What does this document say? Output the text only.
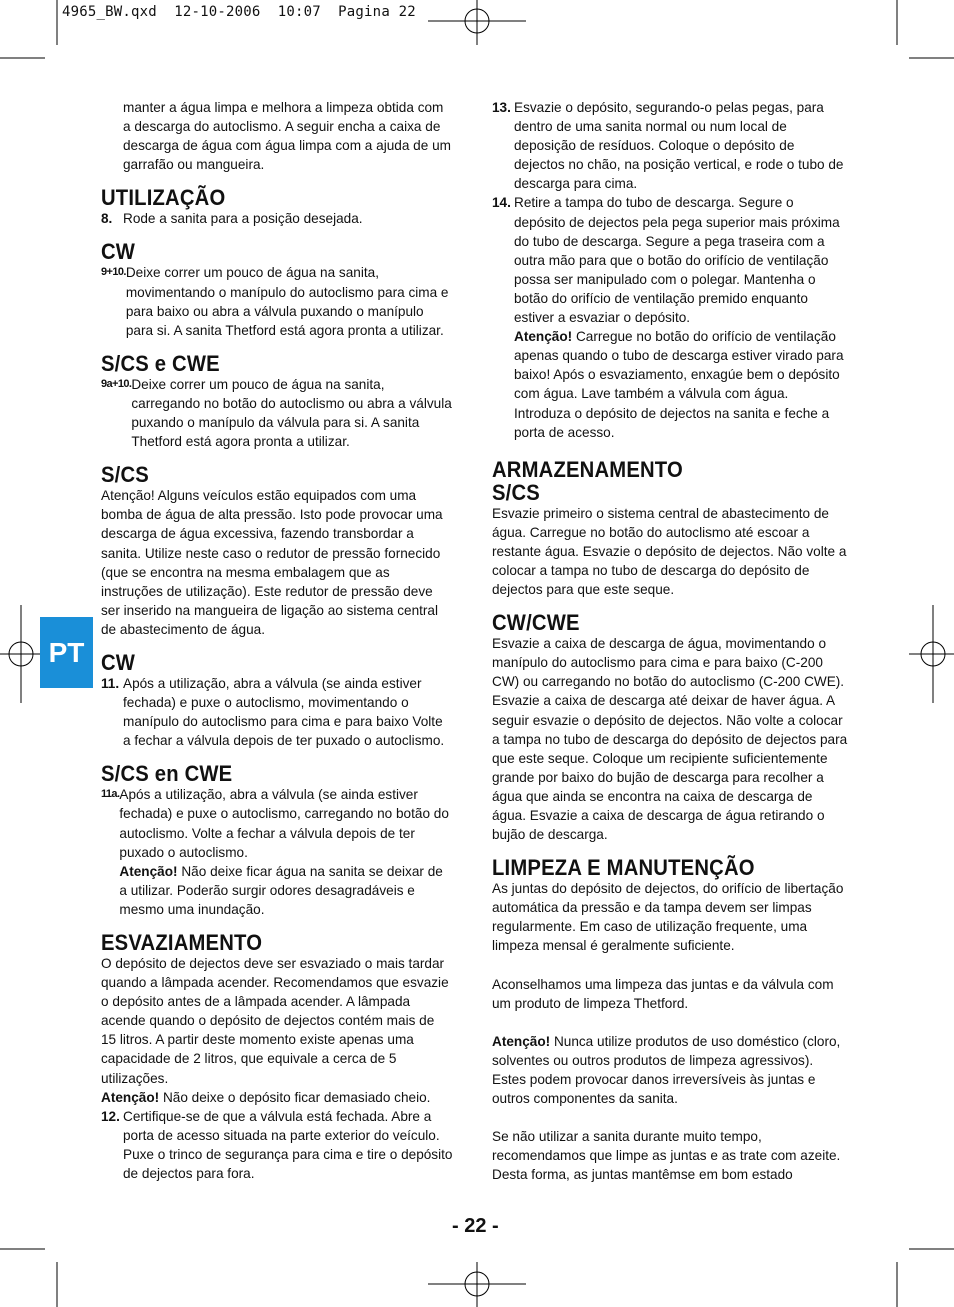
4965_BW.qxd 12-10-2006 10:07 Pagina 22
PT

manter a água limpa e melhora a limpeza obtida com a descarga do autoclismo. A seguir encha a caixa de descarga de água com água limpa com a ajuda de um garrafão ou mangueira.

UTILIZAÇÃO
8. Rode a sanita para a posição desejada.
CW
9+10. Deixe correr um pouco de água na sanita, movimentando o manípulo do autoclismo para cima e para baixo ou abra a válvula puxando o manípulo para si. A sanita Thetford está agora pronta a utilizar.
S/CS e CWE
9a+10. Deixe correr um pouco de água na sanita, carregando no botão do autoclismo ou abra a válvula puxando o manípulo da válvula para si. A sanita Thetford está agora pronta a utilizar.
S/CS

Atenção! Alguns veículos estão equipados com uma bomba de água de alta pressão. Isto pode provocar uma descarga de água excessiva, fazendo transbordar a sanita. Utilize neste caso o redutor de pressão fornecido (que se encontra na mesma embalagem que as instruções de utilização). Este redutor de pressão deve ser inserido na mangueira de ligação ao sistema central de abastecimento de água.

CW
11. Após a utilização, abra a válvula (se ainda estiver fechada) e puxe o autoclismo, movimentando o manípulo do autoclismo para cima e para baixo Volte a fechar a válvula depois de ter puxado o autoclismo.
S/CS en CWE
11a. Após a utilização, abra a válvula (se ainda estiver fechada) e puxe o autoclismo, carregando no botão do autoclismo. Volte a fechar a válvula depois de ter puxado o autoclismo.
Atenção! Não deixe ficar água na sanita se deixar de a utilizar. Poderão surgir odores desagradáveis e mesmo uma inundação.
ESVAZIAMENTO

O depósito de dejectos deve ser esvaziado o mais tardar quando a lâmpada acender. Recomendamos que esvazie o depósito antes de a lâmpada acender. A lâmpada acende quando o depósito de dejectos contém mais de 15 litros. A partir deste momento existe apenas uma capacidade de 2 litros, que equivale a cerca de 5 utilizações.

Atenção! Não deixe o depósito ficar demasiado cheio.

12. Certifique-se de que a válvula está fechada. Abre a porta de acesso situada na parte exterior do veículo. Puxe o trinco de segurança para cima e tire o depósito de dejectos para fora.
13. Esvazie o depósito, segurando-o pelas pegas, para dentro de uma sanita normal ou num local de deposição de resíduos. Coloque o depósito de dejectos no chão, na posição vertical, e rode o tubo de descarga para cima.
14. Retire a tampa do tubo de descarga. Segure o depósito de dejectos pela pega superior mais próxima do tubo de descarga. Segure a pega traseira com a outra mão para que o botão do orifício de ventilação possa ser manipulado com o polegar. Mantenha o botão do orifício de ventilação premido enquanto estiver a esvaziar o depósito.
Atenção! Carregue no botão do orifício de ventilação apenas quando o tubo de descarga estiver virado para baixo! Após o esvaziamento, enxagúe bem o depósito com água. Lave também a válvula com água. Introduza o depósito de dejectos na sanita e feche a porta de acesso.
ARMAZENAMENTO
S/CS

Esvazie primeiro o sistema central de abastecimento de água. Carregue no botão do autoclismo até escoar a restante água. Esvazie o depósito de dejectos. Não volte a colocar a tampa no tubo de descarga do depósito de dejectos para que este seque.

CW/CWE

Esvazie a caixa de descarga de água, movimentando o manípulo do autoclismo para cima e para baixo (C-200 CW) ou carregando no botão do autoclismo (C-200 CWE). Esvazie a caixa de descarga até deixar de haver água. A seguir esvazie o depósito de dejectos. Não volte a colocar a tampa no tubo de descarga do depósito de dejectos para que este seque. Coloque um recipiente suficientemente grande por baixo do bujão de descarga para recolher a água que ainda se encontra na caixa de descarga de água. Esvazie a caixa de descarga de água retirando o bujão de descarga.

LIMPEZA E MANUTENÇÃO

As juntas do depósito de dejectos, do orifício de libertação automática da pressão e da tampa devem ser limpas regularmente. Em caso de utilização frequente, uma limpeza mensal é geralmente suficiente.

Aconselhamos uma limpeza das juntas e da válvula com um produto de limpeza Thetford.

Atenção! Nunca utilize produtos de uso doméstico (cloro, solventes ou outros produtos de limpeza agressivos). Estes podem provocar danos irreversíveis às juntas e outros componentes da sanita.

Se não utilizar a sanita durante muito tempo, recomendamos que limpe as juntas e as trate com azeite. Desta forma, as juntas mantêmse em bom estado

- 22 -
